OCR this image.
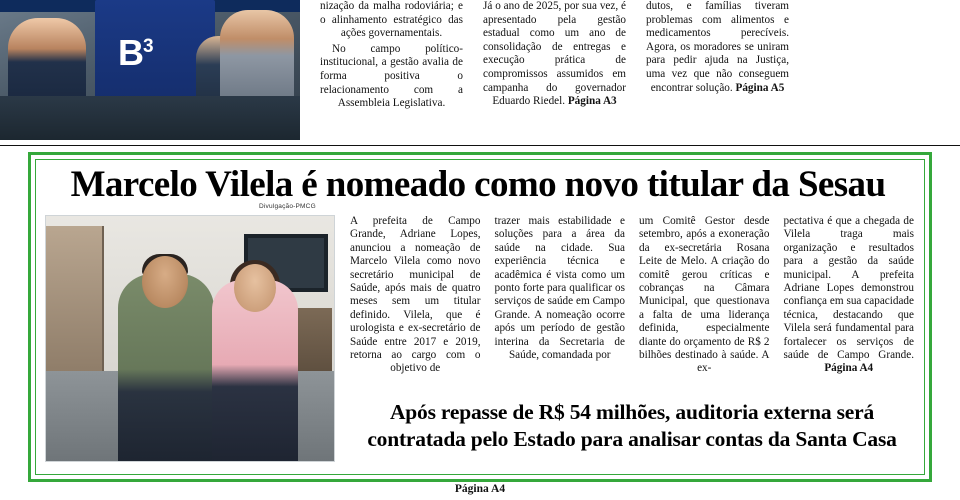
$B^3$

nização da malha rodoviária; e o alinhamento estratégico das ações governamentais.

No campo político-institucional, a gestão avalia de forma positiva o relacionamento com a Assembleia Legislativa.

Já o ano de 2025, por sua vez, é apresentado pela gestão estadual como um ano de consolidação de entregas e execução prática de compromissos assumidos em campanha do governador Eduardo Riedel. Página A3

dutos, e famílias tiveram problemas com alimentos e medicamentos perecíveis. Agora, os moradores se uniram para pedir ajuda na Justiça, uma vez que não conseguem encontrar solução. Página A5

Marcelo Vilela é nomeado como novo titular da Sesau
Divulgação-PMCG

A prefeita de Campo Grande, Adriane Lopes, anunciou a nomeação de Marcelo Vilela como novo secretário municipal de Saúde, após mais de quatro meses sem um titular definido. Vilela, que é urologista e ex-secretário de Saúde entre 2017 e 2019, retorna ao cargo com o objetivo de

trazer mais estabilidade e soluções para a área da saúde na cidade. Sua experiência técnica e acadêmica é vista como um ponto forte para qualificar os serviços de saúde em Campo Grande. A nomeação ocorre após um período de gestão interina da Secretaria de Saúde, comandada por

um Comitê Gestor desde setembro, após a exoneração da ex-secretária Rosana Leite de Melo. A criação do comitê gerou críticas e cobranças na Câmara Municipal, que questionava a falta de uma liderança definida, especialmente diante do orçamento de R$ 2 bilhões destinado à saúde. A ex-

pectativa é que a chegada de Vilela traga mais organização e resultados para a gestão da saúde municipal. A prefeita Adriane Lopes demonstrou confiança em sua capacidade técnica, destacando que Vilela será fundamental para fortalecer os serviços de saúde de Campo Grande. Página A4

Após repasse de R$ 54 milhões, auditoria externa será
contratada pelo Estado para analisar contas da Santa Casa
Página A4
